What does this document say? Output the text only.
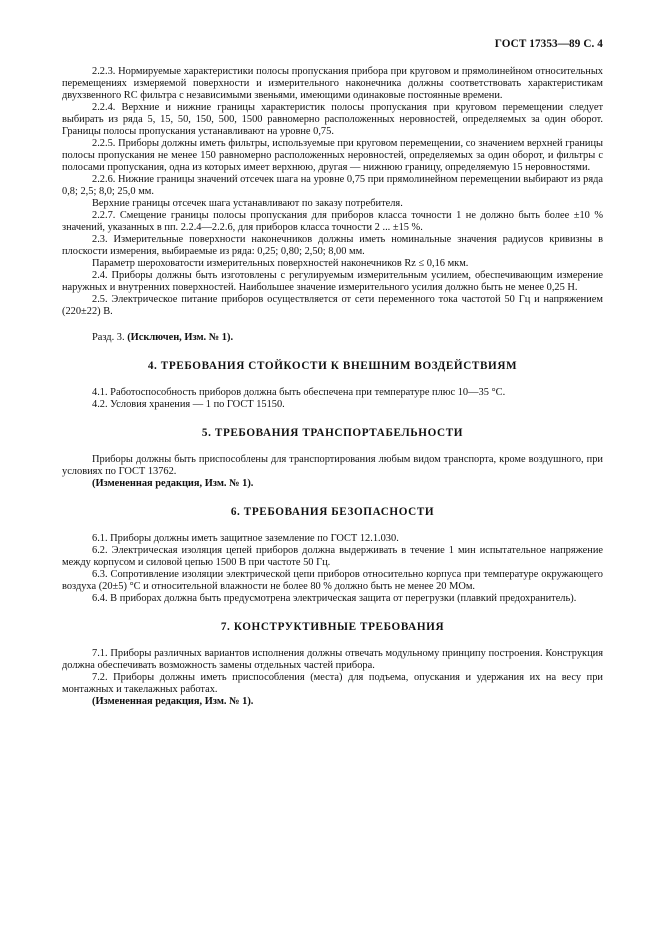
ГОСТ 17353—89 С. 4

2.2.3. Нормируемые характеристики полосы пропускания прибора при круговом и прямолинейном относительных перемещениях измеряемой поверхности и измерительного наконечника должны соответствовать характеристикам двухзвенного RC фильтра с независимыми звеньями, имеющими одинаковые постоянные времени.

2.2.4. Верхние и нижние границы характеристик полосы пропускания при круговом перемещении следует выбирать из ряда 5, 15, 50, 150, 500, 1500 равномерно расположенных неровностей, определяемых за один оборот. Границы полосы пропускания устанавливают на уровне 0,75.

2.2.5. Приборы должны иметь фильтры, используемые при круговом перемещении, со значением верхней границы полосы пропускания не менее 150 равномерно расположенных неровностей, определяемых за один оборот, и фильтры с полосами пропускания, одна из которых имеет верхнюю, другая — нижнюю границу, определяемую 15 неровностями.

2.2.6. Нижние границы значений отсечек шага на уровне 0,75 при прямолинейном перемещении выбирают из ряда 0,8; 2,5; 8,0; 25,0 мм.

Верхние границы отсечек шага устанавливают по заказу потребителя.

2.2.7. Смещение границы полосы пропускания для приборов класса точности 1 не должно быть более ±10 % значений, указанных в пп. 2.2.4—2.2.6, для приборов класса точности 2 ... ±15 %.

2.3. Измерительные поверхности наконечников должны иметь номинальные значения радиусов кривизны в плоскости измерения, выбираемые из ряда: 0,25; 0,80; 2,50; 8,00 мм.

Параметр шероховатости измерительных поверхностей наконечников Rz ≤ 0,16 мкм.

2.4. Приборы должны быть изготовлены с регулируемым измерительным усилием, обеспечивающим измерение наружных и внутренних поверхностей. Наибольшее значение измерительного усилия должно быть не менее 0,25 Н.

2.5. Электрическое питание приборов осуществляется от сети переменного тока частотой 50 Гц и напряжением (220±22) В.

Разд. 3. (Исключен, Изм. № 1).

4. ТРЕБОВАНИЯ СТОЙКОСТИ К ВНЕШНИМ ВОЗДЕЙСТВИЯМ

4.1. Работоспособность приборов должна быть обеспечена при температуре плюс 10—35 °С.

4.2. Условия хранения — 1 по ГОСТ 15150.

5. ТРЕБОВАНИЯ ТРАНСПОРТАБЕЛЬНОСТИ

Приборы должны быть приспособлены для транспортирования любым видом транспорта, кроме воздушного, при условиях по ГОСТ 13762.

(Измененная редакция, Изм. № 1).

6. ТРЕБОВАНИЯ БЕЗОПАСНОСТИ

6.1. Приборы должны иметь защитное заземление по ГОСТ 12.1.030.

6.2. Электрическая изоляция цепей приборов должна выдерживать в течение 1 мин испытательное напряжение между корпусом и силовой цепью 1500 В при частоте 50 Гц.

6.3. Сопротивление изоляции электрической цепи приборов относительно корпуса при температуре окружающего воздуха (20±5) °С и относительной влажности не более 80 % должно быть не менее 20 МОм.

6.4. В приборах должна быть предусмотрена электрическая защита от перегрузки (плавкий предохранитель).

7. КОНСТРУКТИВНЫЕ ТРЕБОВАНИЯ

7.1. Приборы различных вариантов исполнения должны отвечать модульному принципу построения. Конструкция должна обеспечивать возможность замены отдельных частей прибора.

7.2. Приборы должны иметь приспособления (места) для подъема, опускания и удержания их на весу при монтажных и такелажных работах.

(Измененная редакция, Изм. № 1).
